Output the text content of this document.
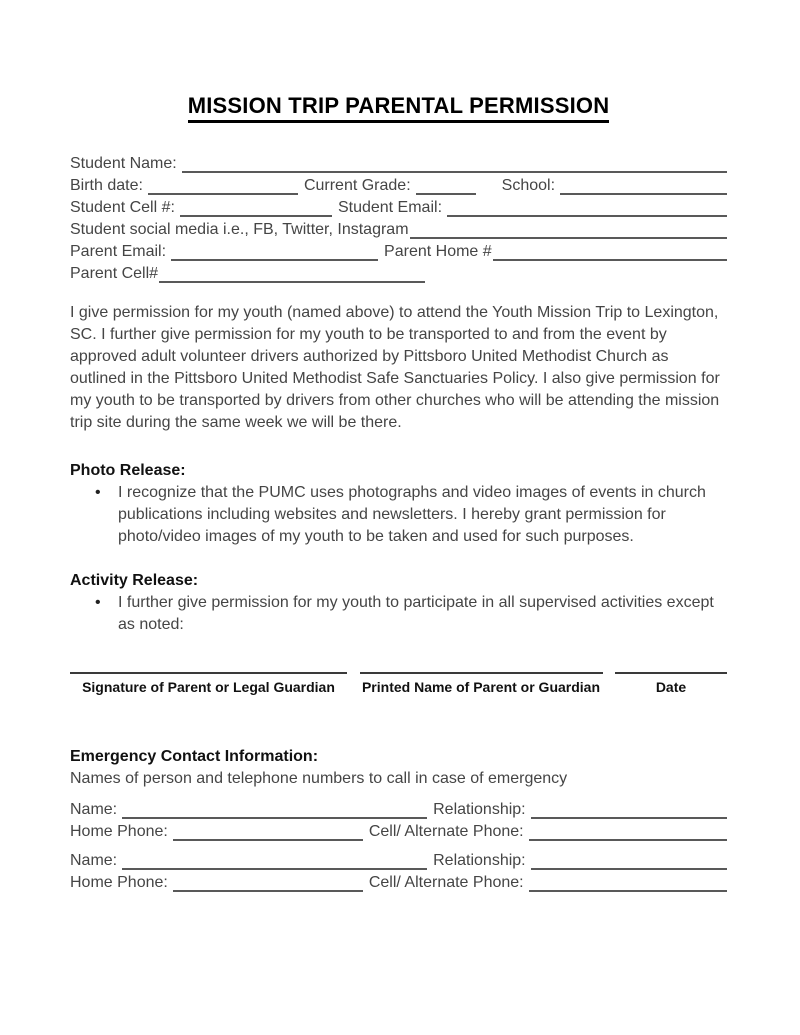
MISSION TRIP PARENTAL PERMISSION
Student Name:
Birth date:	Current Grade:	School:
Student Cell #:	Student Email:
Student social media i.e., FB, Twitter, Instagram
Parent Email:	Parent Home #
Parent Cell#

I give permission for my youth (named above) to attend the Youth Mission Trip to Lexington, SC. I further give permission for my youth to be transported to and from the event by approved adult volunteer drivers authorized by Pittsboro United Methodist Church as outlined in the Pittsboro United Methodist Safe Sanctuaries Policy. I also give permission for my youth to be transported by drivers from other churches who will be attending the mission trip site during the same week we will be there.

Photo Release:
•	I recognize that the PUMC uses photographs and video images of events in church publications including websites and newsletters. I hereby grant permission for photo/video images of my youth to be taken and used for such purposes.
Activity Release:
•	I further give permission for my youth to participate in all supervised activities except as noted:
Signature of Parent or Legal Guardian	Printed Name of Parent or Guardian	Date
Emergency Contact Information:
Names of person and telephone numbers to call in case of emergency
Name:	Relationship:
Home Phone:	Cell/ Alternate Phone:
Name:	Relationship:
Home Phone:	Cell/ Alternate Phone:
